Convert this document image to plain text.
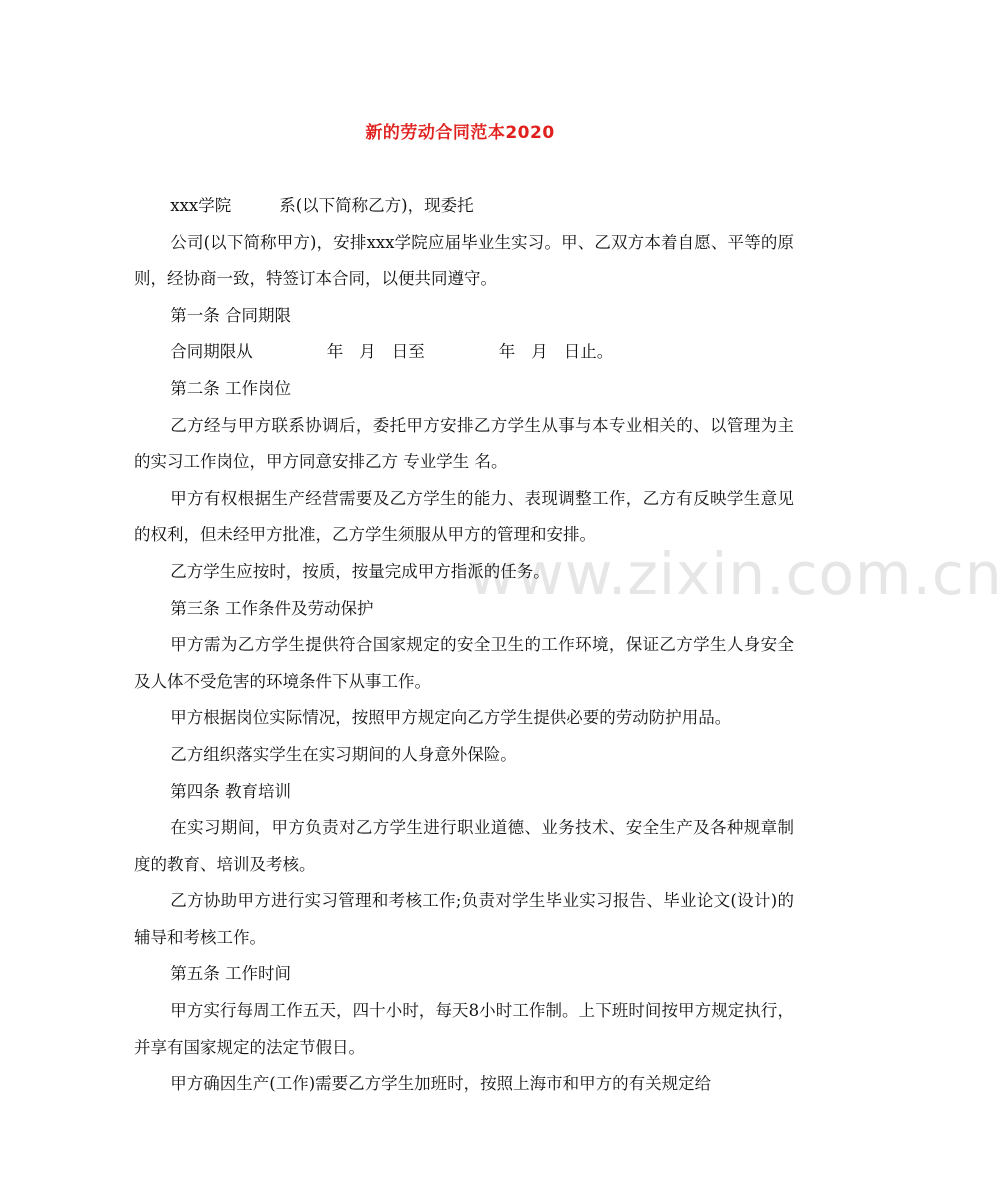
新的劳动合同范本2020
www.zixin.com.cn

xxx学院	系(以下简称乙方)，现委托

公司(以下简称甲方)，安排xxx学院应届毕业生实习。甲、乙双方本着自愿、平等的原则，经协商一致，特签订本合同，以便共同遵守。

第一条 合同期限

合同期限从	年 月 日至	年 月 日止。

第二条 工作岗位

乙方经与甲方联系协调后，委托甲方安排乙方学生从事与本专业相关的、以管理为主的实习工作岗位，甲方同意安排乙方 专业学生 名。

甲方有权根据生产经营需要及乙方学生的能力、表现调整工作，乙方有反映学生意见的权利，但未经甲方批准，乙方学生须服从甲方的管理和安排。

乙方学生应按时，按质，按量完成甲方指派的任务。

第三条 工作条件及劳动保护

甲方需为乙方学生提供符合国家规定的安全卫生的工作环境，保证乙方学生人身安全及人体不受危害的环境条件下从事工作。

甲方根据岗位实际情况，按照甲方规定向乙方学生提供必要的劳动防护用品。

乙方组织落实学生在实习期间的人身意外保险。

第四条 教育培训

在实习期间，甲方负责对乙方学生进行职业道德、业务技术、安全生产及各种规章制度的教育、培训及考核。

乙方协助甲方进行实习管理和考核工作;负责对学生毕业实习报告、毕业论文(设计)的辅导和考核工作。

第五条 工作时间

甲方实行每周工作五天，四十小时，每天8小时工作制。上下班时间按甲方规定执行，并享有国家规定的法定节假日。

甲方确因生产(工作)需要乙方学生加班时，按照上海市和甲方的有关规定给
